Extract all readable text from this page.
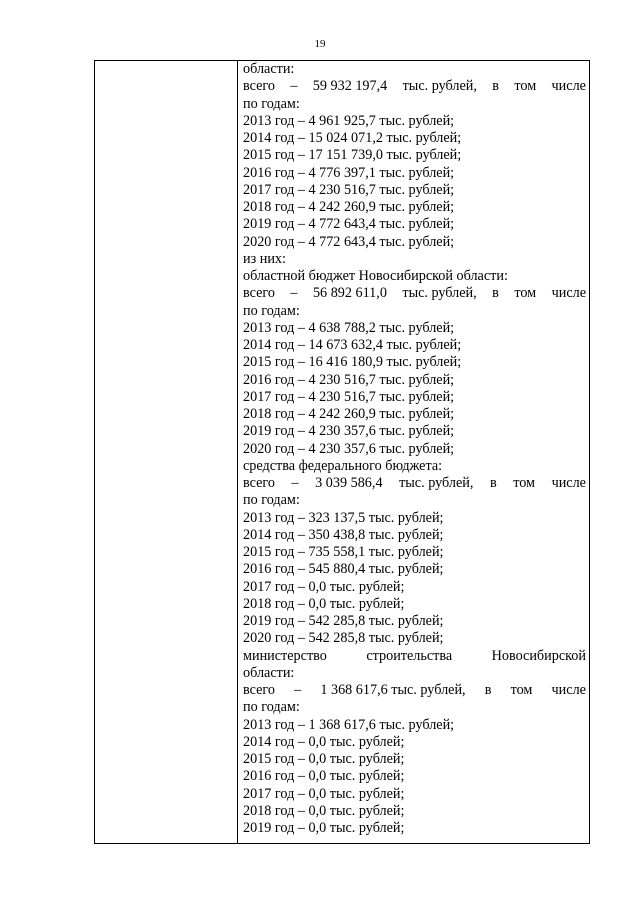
19
области:
всего – 59 932 197,4 тыс. рублей, в том числе
по годам:
2013 год – 4 961 925,7 тыс. рублей;
2014 год – 15 024 071,2 тыс. рублей;
2015 год – 17 151 739,0 тыс. рублей;
2016 год – 4 776 397,1 тыс. рублей;
2017 год – 4 230 516,7 тыс. рублей;
2018 год – 4 242 260,9 тыс. рублей;
2019 год – 4 772 643,4 тыс. рублей;
2020 год – 4 772 643,4 тыс. рублей;
из них:
областной бюджет Новосибирской области:
всего – 56 892 611,0 тыс. рублей, в том числе
по годам:
2013 год – 4 638 788,2 тыс. рублей;
2014 год – 14 673 632,4 тыс. рублей;
2015 год – 16 416 180,9 тыс. рублей;
2016 год – 4 230 516,7 тыс. рублей;
2017 год – 4 230 516,7 тыс. рублей;
2018 год – 4 242 260,9 тыс. рублей;
2019 год – 4 230 357,6 тыс. рублей;
2020 год – 4 230 357,6 тыс. рублей;
средства федерального бюджета:
всего – 3 039 586,4 тыс. рублей, в том числе
по годам:
2013 год – 323 137,5 тыс. рублей;
2014 год – 350 438,8 тыс. рублей;
2015 год – 735 558,1 тыс. рублей;
2016 год – 545 880,4 тыс. рублей;
2017 год – 0,0 тыс. рублей;
2018 год – 0,0 тыс. рублей;
2019 год – 542 285,8 тыс. рублей;
2020 год – 542 285,8 тыс. рублей;
министерство	строительства	Новосибирской
области:
всего – 1 368 617,6 тыс. рублей, в том числе
по годам:
2013 год – 1 368 617,6 тыс. рублей;
2014 год – 0,0 тыс. рублей;
2015 год – 0,0 тыс. рублей;
2016 год – 0,0 тыс. рублей;
2017 год – 0,0 тыс. рублей;
2018 год – 0,0 тыс. рублей;
2019 год – 0,0 тыс. рублей;
